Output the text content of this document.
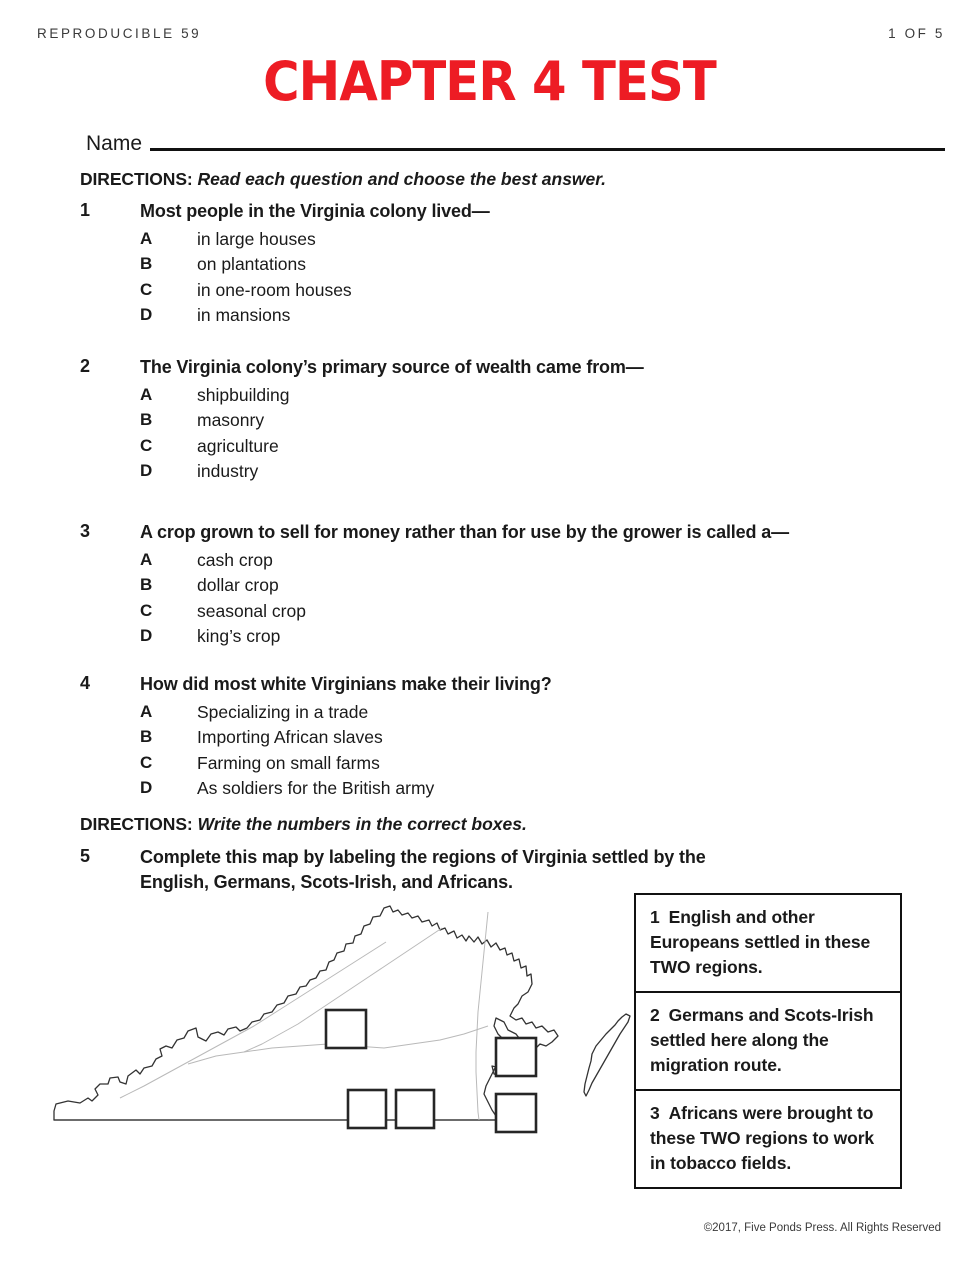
REPRODUCIBLE 59	1 OF 5
CHAPTER 4 TEST
Name
DIRECTIONS: Read each question and choose the best answer.
1	Most people in the Virginia colony lived—
A	in large houses
B	on plantations
C	in one-room houses
D	in mansions
2	The Virginia colony’s primary source of wealth came from—
A	shipbuilding
B	masonry
C	agriculture
D	industry
3	A crop grown to sell for money rather than for use by the grower is called a—
A	cash crop
B	dollar crop
C	seasonal crop
D	king’s crop
4	How did most white Virginians make their living?
A	Specializing in a trade
B	Importing African slaves
C	Farming on small farms
D	As soldiers for the British army
DIRECTIONS: Write the numbers in the correct boxes.
5	Complete this map by labeling the regions of Virginia settled by the
English, Germans, Scots-Irish, and Africans.
1 English and other Europeans settled in these TWO regions.
2 Germans and Scots-Irish settled here along the migration route.
3 Africans were brought to these TWO regions to work in tobacco fields.
©2017, Five Ponds Press. All Rights Reserved
